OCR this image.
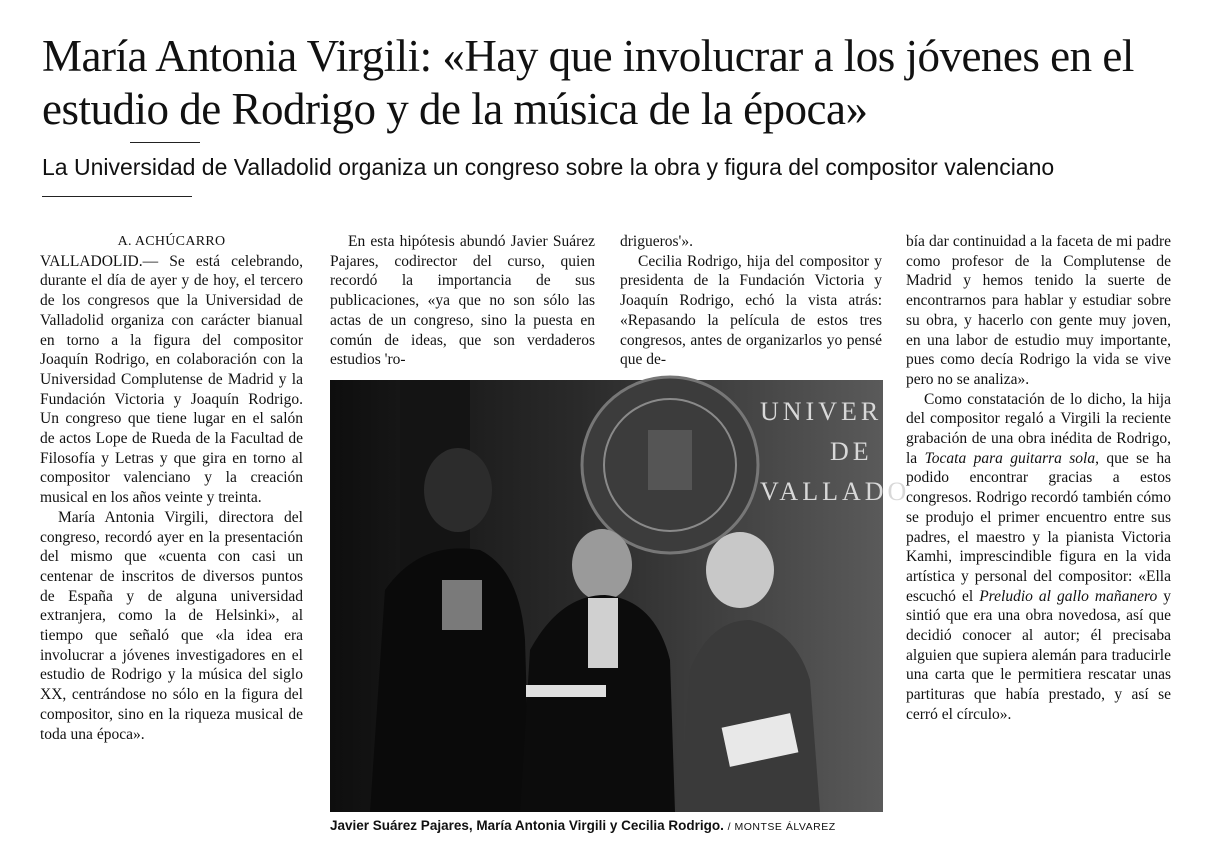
María Antonia Virgili: «Hay que involucrar a los jóvenes en el estudio de Rodrigo y de la música de la época»
La Universidad de Valladolid organiza un congreso sobre la obra y figura del compositor valenciano

A. ACHÚCARRO

VALLADOLID.— Se está celebrando, durante el día de ayer y de hoy, el tercero de los congresos que la Universidad de Valladolid organiza con carácter bianual en torno a la figura del compositor Joaquín Rodrigo, en colaboración con la Universidad Complutense de Madrid y la Fundación Victoria y Joaquín Rodrigo. Un congreso que tiene lugar en el salón de actos Lope de Rueda de la Facultad de Filosofía y Letras y que gira en torno al compositor valenciano y la creación musical en los años veinte y treinta.

María Antonia Virgili, directora del congreso, recordó ayer en la presentación del mismo que «cuenta con casi un centenar de inscritos de diversos puntos de España y de alguna universidad extranjera, como la de Helsinki», al tiempo que señaló que «la idea era involucrar a jóvenes investigadores en el estudio de Rodrigo y la música del siglo XX, centrándose no sólo en la figura del compositor, sino en la riqueza musical de toda una época».

En esta hipótesis abundó Javier Suárez Pajares, codirector del curso, quien recordó la importancia de sus publicaciones, «ya que no son sólo las actas de un congreso, sino la puesta en común de ideas, que son verdaderos estudios 'ro-

drigueros'».

Cecilia Rodrigo, hija del compositor y presidenta de la Fundación Victoria y Joaquín Rodrigo, echó la vista atrás: «Repasando la película de estos tres congresos, antes de organizarlos yo pensé que de-

bía dar continuidad a la faceta de mi padre como profesor de la Complutense de Madrid y hemos tenido la suerte de encontrarnos para hablar y estudiar sobre su obra, y hacerlo con gente muy joven, en una labor de estudio muy importante, pues como decía Rodrigo la vida se vive pero no se analiza».

Como constatación de lo dicho, la hija del compositor regaló a Virgili la reciente grabación de una obra inédita de Rodrigo, la Tocata para guitarra sola, que se ha podido encontrar gracias a estos congresos. Rodrigo recordó también cómo se produjo el primer encuentro entre sus padres, el maestro y la pianista Victoria Kamhi, imprescindible figura en la vida artística y personal del compositor: «Ella escuchó el Preludio al gallo mañanero y sintió que era una obra novedosa, así que decidió conocer al autor; él precisaba alguien que supiera alemán para traducirle una carta que le permitiera rescatar unas partituras que había prestado, y así se cerró el círculo».

UNIVER
DE
VALLADO
Javier Suárez Pajares, María Antonia Virgili y Cecilia Rodrigo. / MONTSE ÁLVAREZ
